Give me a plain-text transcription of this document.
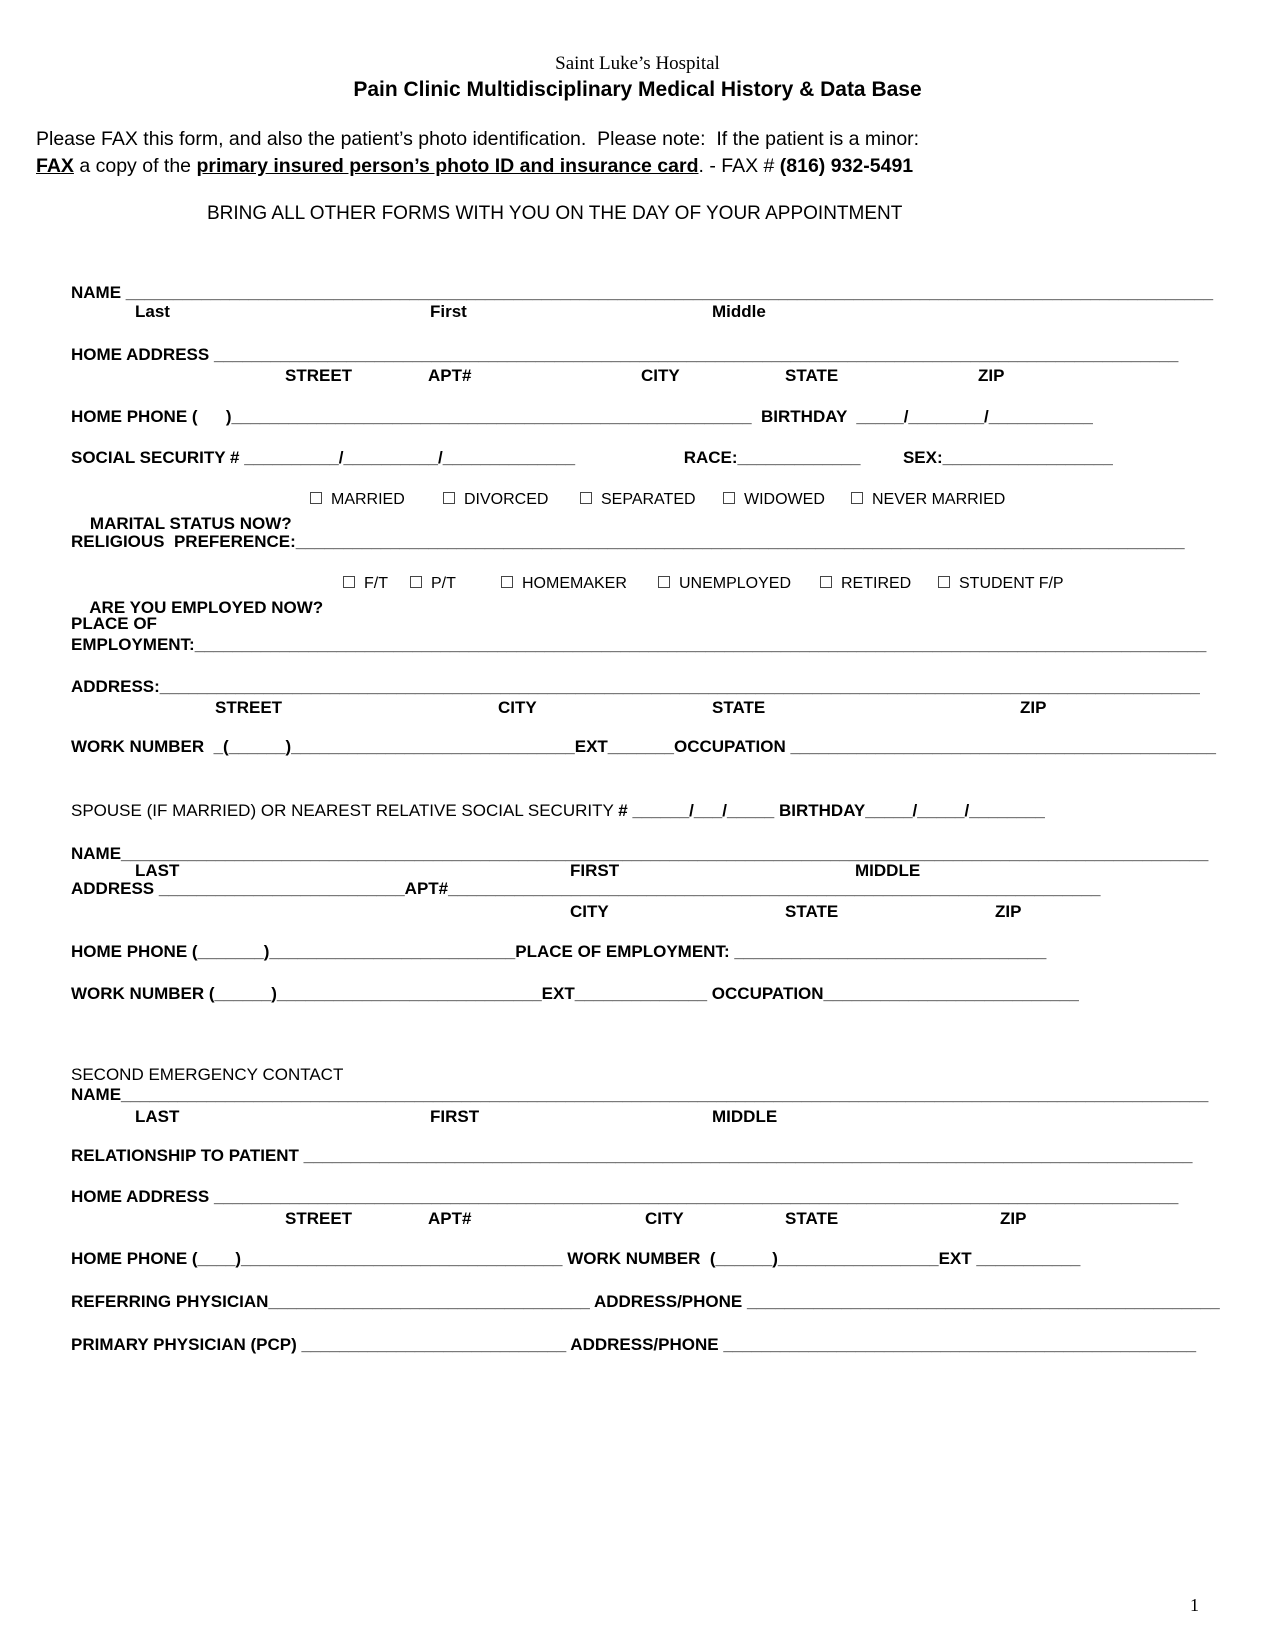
Saint Luke’s Hospital
Pain Clinic Multidisciplinary Medical History & Data Base
Please FAX this form, and also the patient’s photo identification.  Please note:  If the patient is a minor:
FAX a copy of the primary insured person’s photo ID and insurance card. - FAX # (816) 932-5491
BRING ALL OTHER FORMS WITH YOU ON THE DAY OF YOUR APPOINTMENT
NAME ___________________________________________________________________________________________________________________

Last

	First

	Middle

HOME ADDRESS ______________________________________________________________________________________________________

STREET

	APT#

	CITY

	STATE

	ZIP

HOME PHONE (      )_______________________________________________________  BIRTHDAY  _____/________/___________
SOCIAL SECURITY # __________/__________/______________                       RACE:_____________         SEX:__________________

MARITAL STATUS NOW?

MARRIED

	DIVORCED

	SEPARATED

	WIDOWED

	NEVER MARRIED

RELIGIOUS  PREFERENCE:______________________________________________________________________________________________

ARE YOU EMPLOYED NOW?

F/T

	P/T

	HOMEMAKER

	UNEMPLOYED

	RETIRED

	STUDENT F/P

PLACE OF
EMPLOYMENT:___________________________________________________________________________________________________________
ADDRESS:______________________________________________________________________________________________________________

STREET

	CITY

	STATE

	ZIP

WORK NUMBER  _(______)______________________________EXT_______OCCUPATION _____________________________________________
SPOUSE (IF MARRIED) OR NEAREST RELATIVE SOCIAL SECURITY # ______/___/_____ BIRTHDAY_____/_____/________
NAME___________________________________________________________________________________________________________________

LAST

	FIRST

	MIDDLE

ADDRESS __________________________APT#_____________________________________________________________________

CITY

	STATE

	ZIP

HOME PHONE (_______)__________________________PLACE OF EMPLOYMENT: _________________________________
WORK NUMBER (______)____________________________EXT______________ OCCUPATION___________________________
SECOND EMERGENCY CONTACT
NAME___________________________________________________________________________________________________________________

LAST

	FIRST

	MIDDLE

RELATIONSHIP TO PATIENT ______________________________________________________________________________________________
HOME ADDRESS ______________________________________________________________________________________________________

STREET

	APT#

	CITY

	STATE

	ZIP

HOME PHONE (____)__________________________________ WORK NUMBER  (______)_________________EXT ___________
REFERRING PHYSICIAN__________________________________ ADDRESS/PHONE __________________________________________________
PRIMARY PHYSICIAN (PCP) ____________________________ ADDRESS/PHONE __________________________________________________
1
